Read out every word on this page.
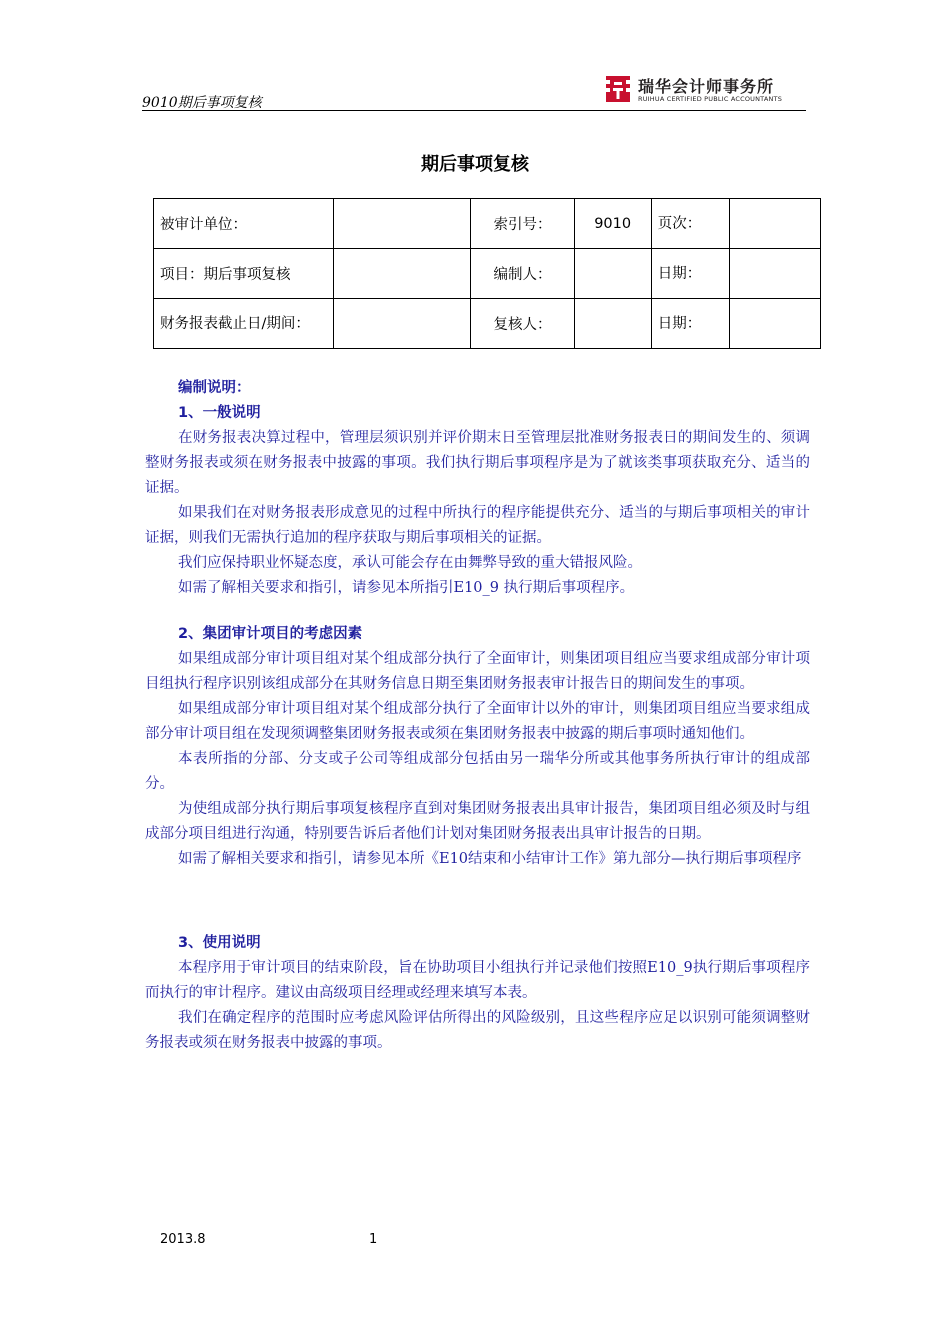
9010期后事项复核
瑞华会计师事务所
RUIHUA CERTIFIED PUBLIC ACCOUNTANTS
期后事项复核
被审计单位：		索引号：	9010	页次：	
项目：期后事项复核		编制人：		日期：	
财务报表截止日/期间：		复核人：		日期：	
编制说明：
1、一般说明

在财务报表决算过程中，管理层须识别并评价期末日至管理层批准财务报表日的期间发生的、须调整财务报表或须在财务报表中披露的事项。我们执行期后事项程序是为了就该类事项获取充分、适当的证据。

如果我们在对财务报表形成意见的过程中所执行的程序能提供充分、适当的与期后事项相关的审计证据，则我们无需执行追加的程序获取与期后事项相关的证据。

我们应保持职业怀疑态度，承认可能会存在由舞弊导致的重大错报风险。

如需了解相关要求和指引，请参见本所指引E10_9 执行期后事项程序。

2、集团审计项目的考虑因素

如果组成部分审计项目组对某个组成部分执行了全面审计，则集团项目组应当要求组成部分审计项目组执行程序识别该组成部分在其财务信息日期至集团财务报表审计报告日的期间发生的事项。

如果组成部分审计项目组对某个组成部分执行了全面审计以外的审计，则集团项目组应当要求组成部分审计项目组在发现须调整集团财务报表或须在集团财务报表中披露的期后事项时通知他们。

本表所指的分部、分支或子公司等组成部分包括由另一瑞华分所或其他事务所执行审计的组成部分。

为使组成部分执行期后事项复核程序直到对集团财务报表出具审计报告，集团项目组必须及时与组成部分项目组进行沟通，特别要告诉后者他们计划对集团财务报表出具审计报告的日期。

如需了解相关要求和指引，请参见本所《E10结束和小结审计工作》第九部分—执行期后事项程序

3、使用说明

本程序用于审计项目的结束阶段，旨在协助项目小组执行并记录他们按照E10_9执行期后事项程序而执行的审计程序。建议由高级项目经理或经理来填写本表。

我们在确定程序的范围时应考虑风险评估所得出的风险级别，且这些程序应足以识别可能须调整财务报表或须在财务报表中披露的事项。

2013.8	1
